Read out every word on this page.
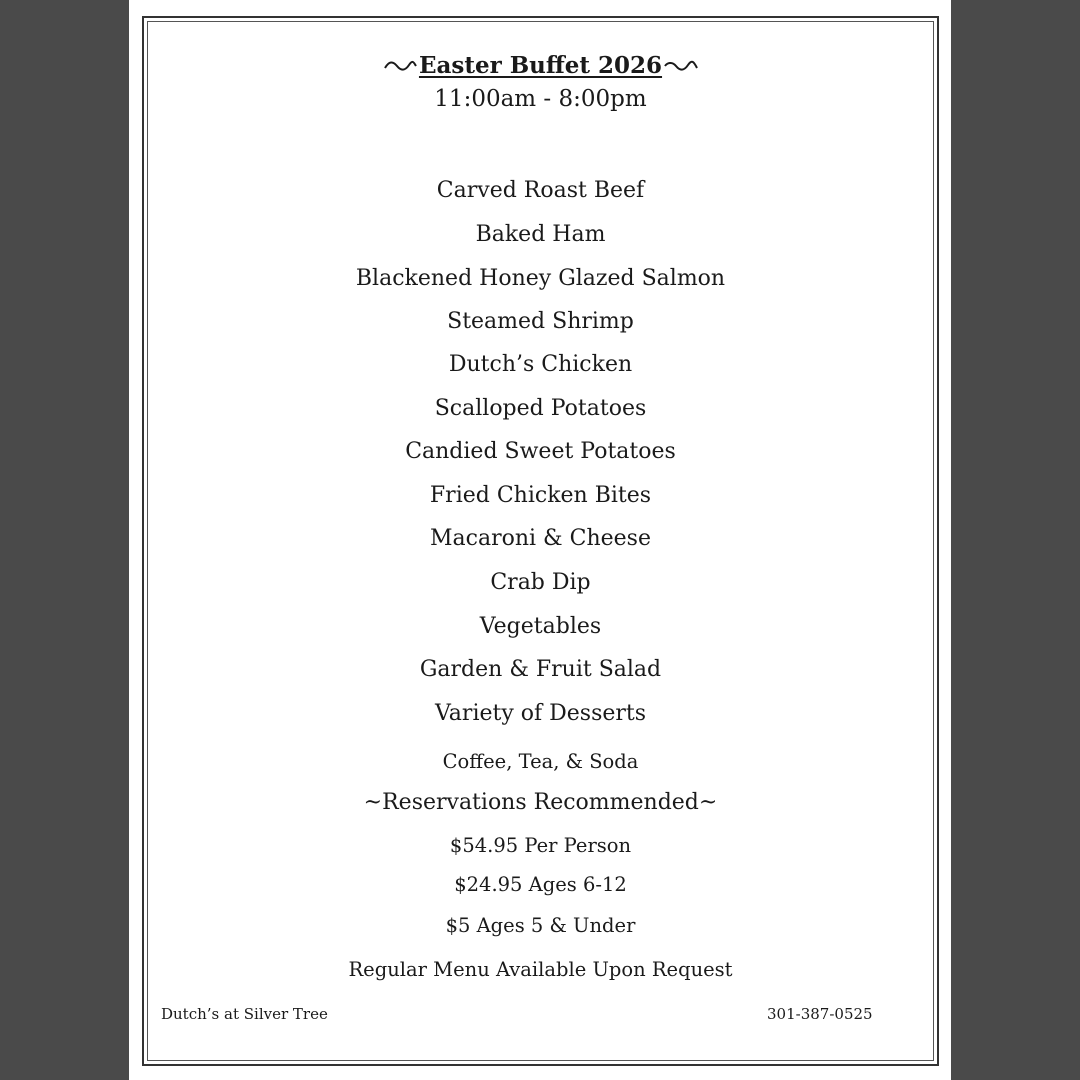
Easter Buffet 2026
11:00am - 8:00pm
Carved Roast Beef
Baked Ham
Blackened Honey Glazed Salmon
Steamed Shrimp
Dutch’s Chicken
Scalloped Potatoes
Candied Sweet Potatoes
Fried Chicken Bites
Macaroni & Cheese
Crab Dip
Vegetables
Garden & Fruit Salad
Variety of Desserts
Coffee, Tea, & Soda
~Reservations Recommended~
$54.95 Per Person
$24.95 Ages 6-12
$5 Ages 5 & Under
Regular Menu Available Upon Request
Dutch’s at Silver Tree	301-387-0525
